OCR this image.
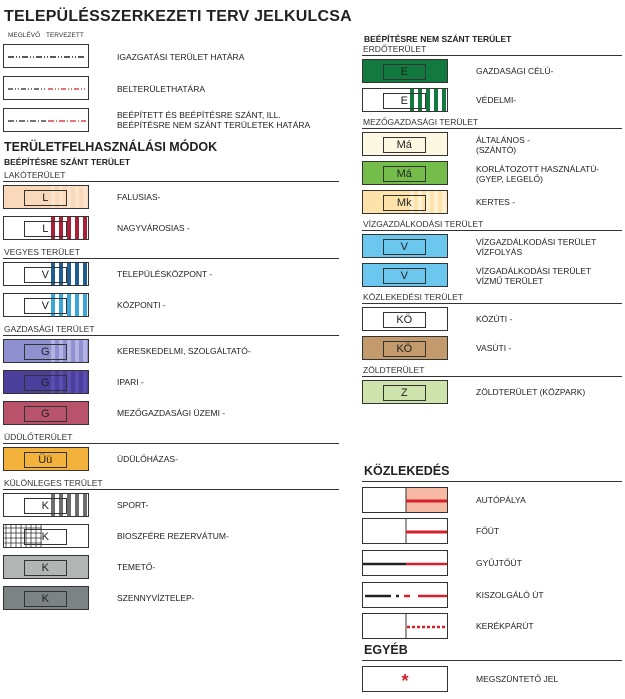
TELEPÜLÉSSZERKEZETI TERV JELKULCSA
MEGLÉVŐ TERVEZETT
IGAZGATÁSI TERÜLET HATÁRA
BELTERÜLETHATÁRA
BEÉPÍTETT ÉS BEÉPÍTÉSRE SZÁNT, ILL.
BEÉPÍTÉSRE NEM SZÁNT TERÜLETEK HATÁRA
TERÜLETFELHASZNÁLÁSI MÓDOK
BEÉPÍTÉSRE SZÁNT TERÜLET
LAKÓTERÜLET
L	FALUSIAS-
L	NAGYVÁROSIAS -
VEGYES TERÜLET
V	TELEPÜLÉSKÖZPONT -
V	KÖZPONTI -
GAZDASÁGI TERÜLET
G	KERESKEDELMI, SZOLGÁLTATÓ-
G	IPARI -
G	MEZŐGAZDASÁGI ÜZEMI -
ÜDÜLŐTERÜLET
Üü	ÜDÜLŐHÁZAS-
KÜLÖNLEGES TERÜLET
K	SPORT-
K	BIOSZFÉRE REZERVÁTUM-
K	TEMETŐ-
K	SZENNYVÍZTELEP-
BEÉPÍTÉSRE NEM SZÁNT TERÜLET
ERDŐTERÜLET
E	GAZDASÁGI CÉLÚ-
E	VÉDELMI-
MEZŐGAZDASÁGI TERÜLET
Má	ÁLTALÁNOS -
(SZÁNTÓ)
Má	KORLÁTOZOTT HASZNÁLATÚ-
(GYEP, LEGELŐ)
Mk	KERTES -
VÍZGAZDÁLKODÁSI TERÜLET
V	VÍZGAZDÁLKODÁSI TERÜLET
VÍZFOLYÁS
V	VÍZGADÁLKODÁSI TERÜLET
VÍZMŰ TERÜLET
KÖZLEKEDÉSI TERÜLET
KÖ	KÖZÚTI -
KÖ	VASÚTI -
ZÖLDTERÜLET
Z	ZÖLDTERÜLET (KÖZPARK)
KÖZLEKEDÉS
AUTÓPÁLYA
FŐÚT
GYŰJTŐÚT
KISZOLGÁLÓ ÚT
KERÉKPÁRÚT
EGYÉB
*	MEGSZÜNTETŐ JEL
